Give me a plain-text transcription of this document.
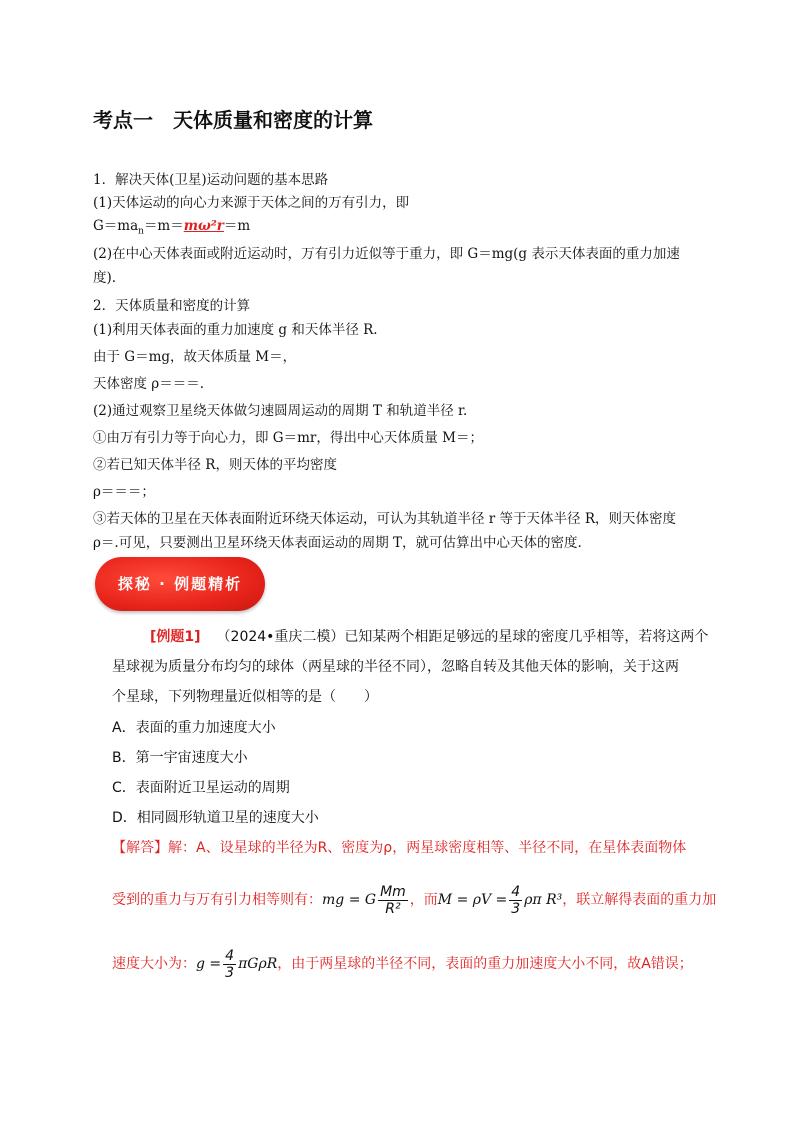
考点一　天体质量和密度的计算
1．解决天体(卫星)运动问题的基本思路
(1)天体运动的向心力来源于天体之间的万有引力，即
$G=ma_n=m=m\omega^2r=m$
(2)在中心天体表面或附近运动时，万有引力近似等于重力，即 G＝mg(g 表示天体表面的重力加速
度).
2．天体质量和密度的计算
(1)利用天体表面的重力加速度 g 和天体半径 R.
由于 G＝mg，故天体质量 M＝，
天体密度 ρ＝＝＝.
(2)通过观察卫星绕天体做匀速圆周运动的周期 T 和轨道半径 r.
①由万有引力等于向心力，即 G＝mr，得出中心天体质量 M＝；
②若已知天体半径 R，则天体的平均密度
ρ＝＝＝；
③若天体的卫星在天体表面附近环绕天体运动，可认为其轨道半径 r 等于天体半径 R，则天体密度
ρ＝.可见，只要测出卫星环绕天体表面运动的周期 T，就可估算出中心天体的密度.
探秘 · 例题精析
[例题1] （2024•重庆二模）已知某两个相距足够远的星球的密度几乎相等，若将这两个
星球视为质量分布均匀的球体（两星球的半径不同），忽略自转及其他天体的影响，关于这两
个星球，下列物理量近似相等的是（　　）
A．表面的重力加速度大小
B．第一宇宙速度大小
C．表面附近卫星运动的周期
D．相同圆形轨道卫星的速度大小
【解答】解：A、设星球的半径为R、密度为ρ，两星球密度相等、半径不同，在星体表面物体
受到的重力与万有引力相等则有： mg = G $\frac{Mm}{\text{R²}}$ ，而 $M = \rho V = \frac{4}{3}$ ρπ R³ ，联立解得表面的重力加
速度大小为： $g = \frac{4}{3}$ πGρR ，由于两星球的半径不同，表面的重力加速度大小不同，故A错误；
